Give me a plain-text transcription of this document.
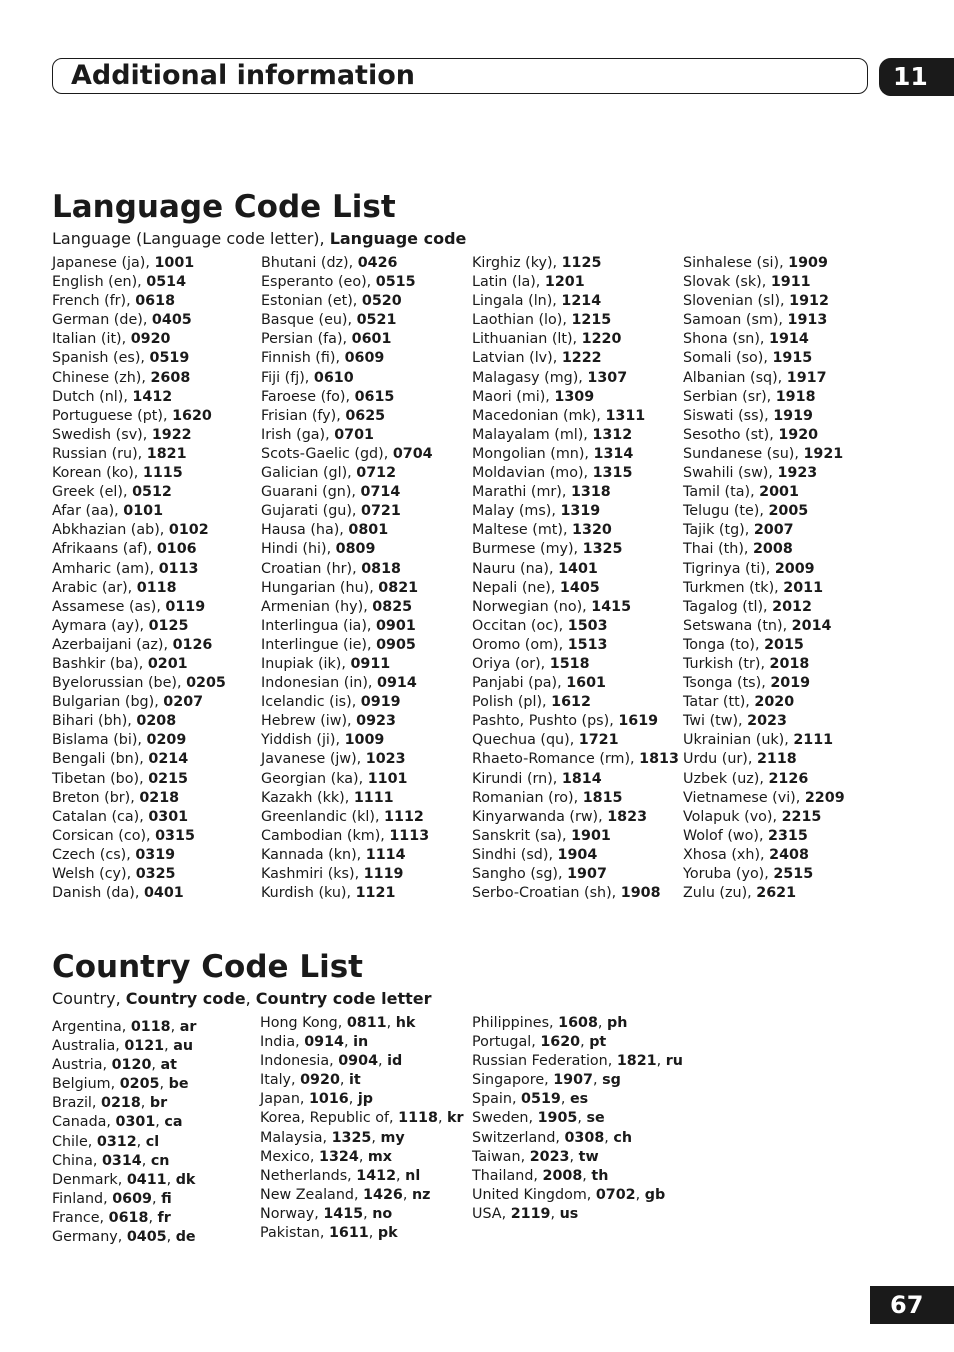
Additional information	11
Language Code List
Language (Language code letter), Language code
Japanese (ja), 1001
English (en), 0514
French (fr), 0618
German (de), 0405
Italian (it), 0920
Spanish (es), 0519
Chinese (zh), 2608
Dutch (nl), 1412
Portuguese (pt), 1620
Swedish (sv), 1922
Russian (ru), 1821
Korean (ko), 1115
Greek (el), 0512
Afar (aa), 0101
Abkhazian (ab), 0102
Afrikaans (af), 0106
Amharic (am), 0113
Arabic (ar), 0118
Assamese (as), 0119
Aymara (ay), 0125
Azerbaijani (az), 0126
Bashkir (ba), 0201
Byelorussian (be), 0205
Bulgarian (bg), 0207
Bihari (bh), 0208
Bislama (bi), 0209
Bengali (bn), 0214
Tibetan (bo), 0215
Breton (br), 0218
Catalan (ca), 0301
Corsican (co), 0315
Czech (cs), 0319
Welsh (cy), 0325
Danish (da), 0401
Bhutani (dz), 0426
Esperanto (eo), 0515
Estonian (et), 0520
Basque (eu), 0521
Persian (fa), 0601
Finnish (fi), 0609
Fiji (fj), 0610
Faroese (fo), 0615
Frisian (fy), 0625
Irish (ga), 0701
Scots-Gaelic (gd), 0704
Galician (gl), 0712
Guarani (gn), 0714
Gujarati (gu), 0721
Hausa (ha), 0801
Hindi (hi), 0809
Croatian (hr), 0818
Hungarian (hu), 0821
Armenian (hy), 0825
Interlingua (ia), 0901
Interlingue (ie), 0905
Inupiak (ik), 0911
Indonesian (in), 0914
Icelandic (is), 0919
Hebrew (iw), 0923
Yiddish (ji), 1009
Javanese (jw), 1023
Georgian (ka), 1101
Kazakh (kk), 1111
Greenlandic (kl), 1112
Cambodian (km), 1113
Kannada (kn), 1114
Kashmiri (ks), 1119
Kurdish (ku), 1121
Kirghiz (ky), 1125
Latin (la), 1201
Lingala (ln), 1214
Laothian (lo), 1215
Lithuanian (lt), 1220
Latvian (lv), 1222
Malagasy (mg), 1307
Maori (mi), 1309
Macedonian (mk), 1311
Malayalam (ml), 1312
Mongolian (mn), 1314
Moldavian (mo), 1315
Marathi (mr), 1318
Malay (ms), 1319
Maltese (mt), 1320
Burmese (my), 1325
Nauru (na), 1401
Nepali (ne), 1405
Norwegian (no), 1415
Occitan (oc), 1503
Oromo (om), 1513
Oriya (or), 1518
Panjabi (pa), 1601
Polish (pl), 1612
Pashto, Pushto (ps), 1619
Quechua (qu), 1721
Rhaeto-Romance (rm), 1813
Kirundi (rn), 1814
Romanian (ro), 1815
Kinyarwanda (rw), 1823
Sanskrit (sa), 1901
Sindhi (sd), 1904
Sangho (sg), 1907
Serbo-Croatian (sh), 1908
Sinhalese (si), 1909
Slovak (sk), 1911
Slovenian (sl), 1912
Samoan (sm), 1913
Shona (sn), 1914
Somali (so), 1915
Albanian (sq), 1917
Serbian (sr), 1918
Siswati (ss), 1919
Sesotho (st), 1920
Sundanese (su), 1921
Swahili (sw), 1923
Tamil (ta), 2001
Telugu (te), 2005
Tajik (tg), 2007
Thai (th), 2008
Tigrinya (ti), 2009
Turkmen (tk), 2011
Tagalog (tl), 2012
Setswana (tn), 2014
Tonga (to), 2015
Turkish (tr), 2018
Tsonga (ts), 2019
Tatar (tt), 2020
Twi (tw), 2023
Ukrainian (uk), 2111
Urdu (ur), 2118
Uzbek (uz), 2126
Vietnamese (vi), 2209
Volapuk (vo), 2215
Wolof (wo), 2315
Xhosa (xh), 2408
Yoruba (yo), 2515
Zulu (zu), 2621
Country Code List
Country, Country code, Country code letter
Argentina, 0118, ar
Australia, 0121, au
Austria, 0120, at
Belgium, 0205, be
Brazil, 0218, br
Canada, 0301, ca
Chile, 0312, cl
China, 0314, cn
Denmark, 0411, dk
Finland, 0609, fi
France, 0618, fr
Germany, 0405, de
Hong Kong, 0811, hk
India, 0914, in
Indonesia, 0904, id
Italy, 0920, it
Japan, 1016, jp
Korea, Republic of, 1118, kr
Malaysia, 1325, my
Mexico, 1324, mx
Netherlands, 1412, nl
New Zealand, 1426, nz
Norway, 1415, no
Pakistan, 1611, pk
Philippines, 1608, ph
Portugal, 1620, pt
Russian Federation, 1821, ru
Singapore, 1907, sg
Spain, 0519, es
Sweden, 1905, se
Switzerland, 0308, ch
Taiwan, 2023, tw
Thailand, 2008, th
United Kingdom, 0702, gb
USA, 2119, us
67
